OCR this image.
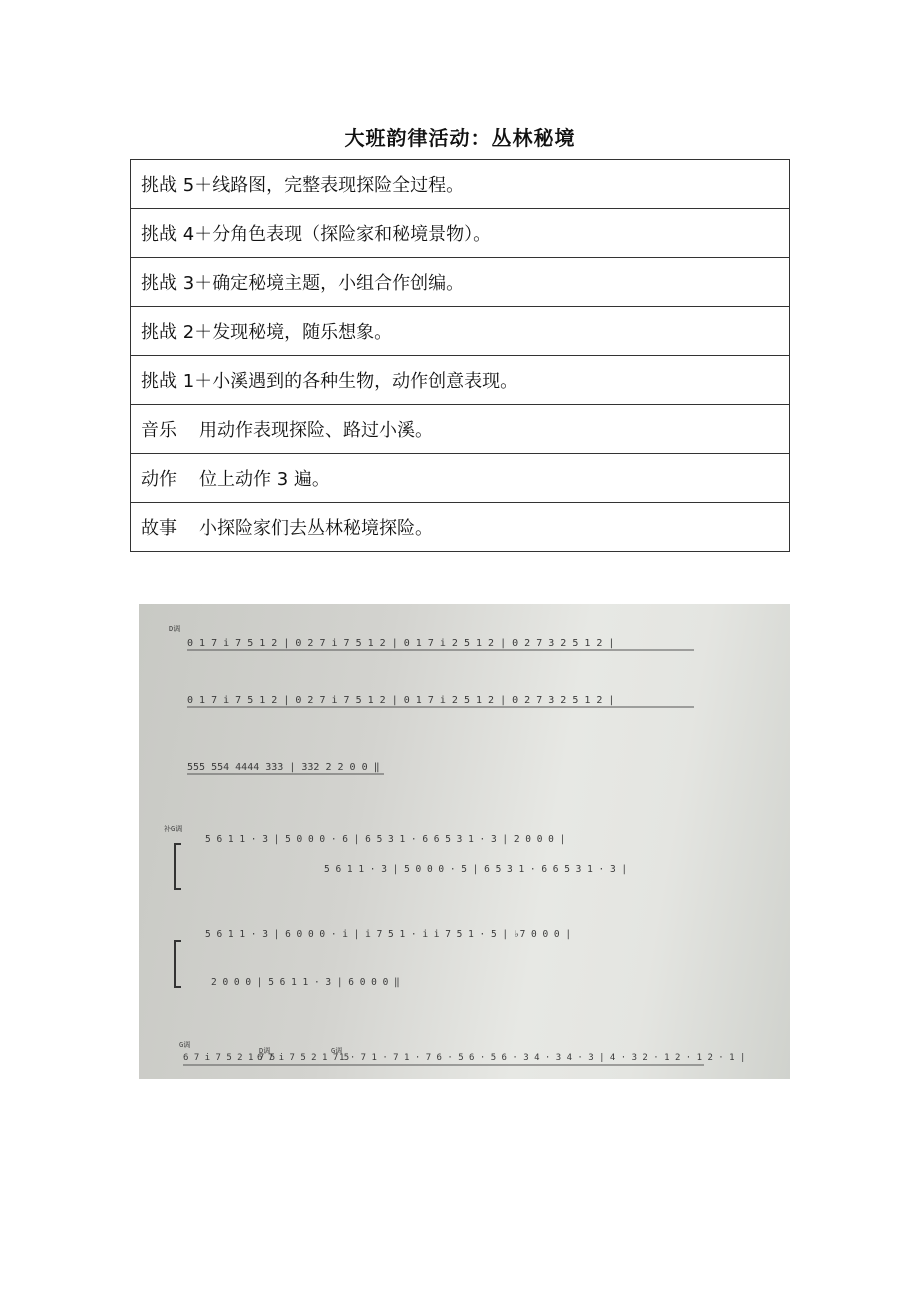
大班韵律活动：丛林秘境
挑战 5＋线路图，完整表现探险全过程。
挑战 4＋分角色表现（探险家和秘境景物）。
挑战 3＋确定秘境主题，小组合作创编。
挑战 2＋发现秘境，随乐想象。
挑战 1＋小溪遇到的各种生物，动作创意表现。
音乐 用动作表现探险、路过小溪。
动作 位上动作 3 遍。
故事 小探险家们去丛林秘境探险。
D调
补G调
G调
0 1 7 i 7 5 1 2 | 0 2 7 i 7 5 1 2 | 0 1 7 i 2 5 1 2 | 0 2 7 3 2 5 1 2 |
0 1 7 i 7 5 1 2 | 0 2 7 i 7 5 1 2 | 0 1 7 i 2 5 1 2 | 0 2 7 3 2 5 1 2 |
555 554 4444 333 | 332 2 2 0 0 ‖
5 6 1 1 · 3 | 5 0 0 0 · 6 | 6 5 3 1 · 6 6 5 3 1 · 3 | 2 0 0 0 |
5 6 1 1 · 3 | 5 0 0 0 · 5 | 6 5 3 1 · 6 6 5 3 1 · 3 |
5 6 1 1 · 3 | 6 0 0 0 · i | i 7 5 1 · i i 7 5 1 · 5 | ♭7 0 0 0 |
2 0 0 0 | 5 6 1 1 · 3 | 6 0 0 0 ‖
6 7 i 7 5 2 1 7 5
D调
6 7 i 7 5 2 1 7 5
G调
1 · 7 1 · 7 1 · 7 6 · 5 6 · 5 6 · 3 4 · 3 4 · 3 | 4 · 3 2 · 1 2 · 1 2 · 1 |
